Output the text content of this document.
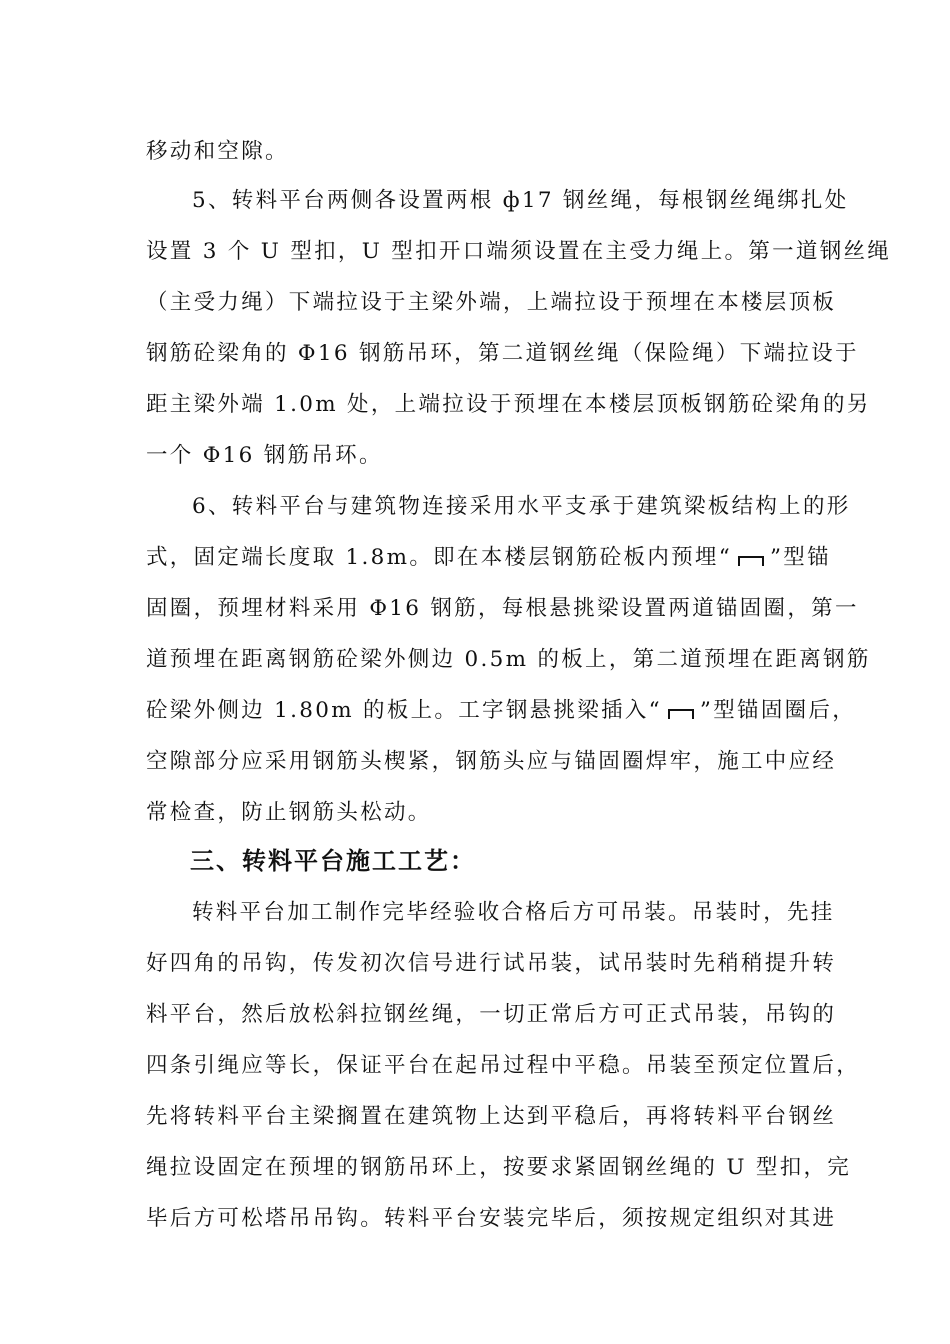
移动和空隙。
5、转料平台两侧各设置两根 ф17 钢丝绳，每根钢丝绳绑扎处
设置 3 个 U 型扣，U 型扣开口端须设置在主受力绳上。第一道钢丝绳
（主受力绳）下端拉设于主梁外端，上端拉设于预埋在本楼层顶板
钢筋砼梁角的 Φ16 钢筋吊环，第二道钢丝绳（保险绳）下端拉设于
距主梁外端 1.0m 处，上端拉设于预埋在本楼层顶板钢筋砼梁角的另
一个 Φ16 钢筋吊环。
6、转料平台与建筑物连接采用水平支承于建筑梁板结构上的形
式，固定端长度取 1.8m。即在本楼层钢筋砼板内预埋“ ”型锚
固圈，预埋材料采用 Φ16 钢筋，每根悬挑梁设置两道锚固圈，第一
道预埋在距离钢筋砼梁外侧边 0.5m 的板上，第二道预埋在距离钢筋
砼梁外侧边 1.80m 的板上。工字钢悬挑梁插入“ ”型锚固圈后，
空隙部分应采用钢筋头楔紧，钢筋头应与锚固圈焊牢，施工中应经
常检查，防止钢筋头松动。
三、转料平台施工工艺：
转料平台加工制作完毕经验收合格后方可吊装。吊装时，先挂
好四角的吊钩，传发初次信号进行试吊装，试吊装时先稍稍提升转
料平台，然后放松斜拉钢丝绳，一切正常后方可正式吊装，吊钩的
四条引绳应等长，保证平台在起吊过程中平稳。吊装至预定位置后，
先将转料平台主梁搁置在建筑物上达到平稳后，再将转料平台钢丝
绳拉设固定在预埋的钢筋吊环上，按要求紧固钢丝绳的 U 型扣，完
毕后方可松塔吊吊钩。转料平台安装完毕后，须按规定组织对其进
